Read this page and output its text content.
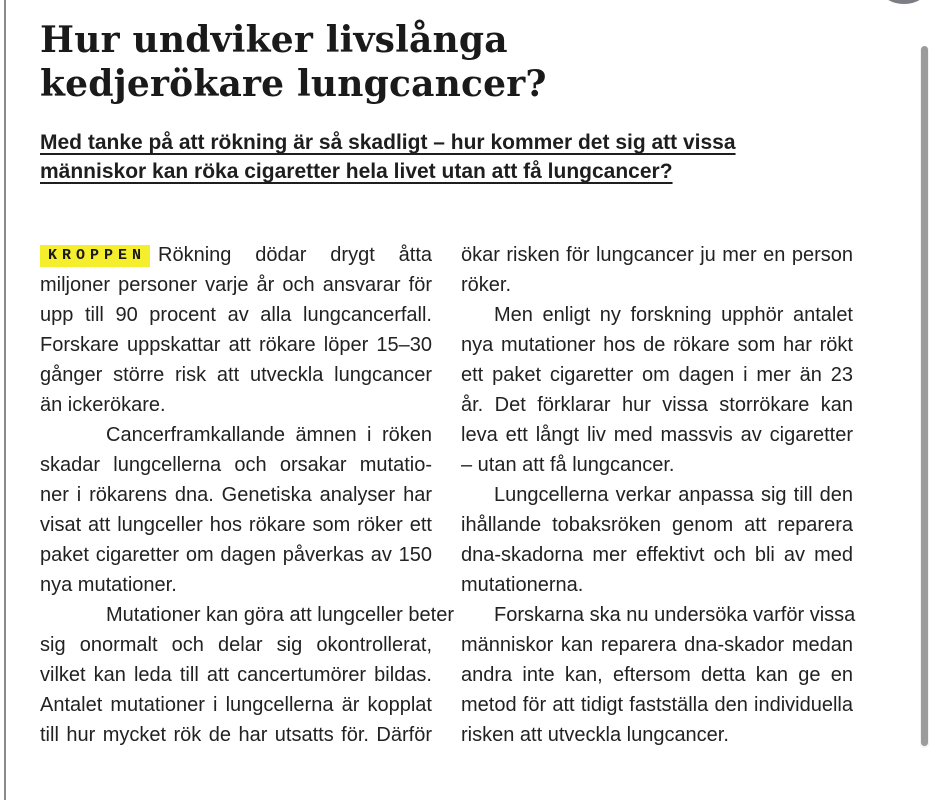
Hur undviker livslånga
kedjerökare lungcancer?

Med tanke på att rökning är så skadligt – hur kommer det sig att vissa
människor kan röka cigaretter hela livet utan att få lungcancer?

KROPPEN Rökning dödar drygt åtta
miljoner personer varje år och ansvarar för
upp till 90 procent av alla lungcancerfall.
Forskare uppskattar att rökare löper 15–30
gånger större risk att utveckla lungcancer
än ickerökare.

Cancerframkallande ämnen i röken
skadar lungcellerna och orsakar mutatio-
ner i rökarens dna. Genetiska analyser har
visat att lungceller hos rökare som röker ett
paket cigaretter om dagen påverkas av 150
nya mutationer.

Mutationer kan göra att lungceller beter
sig onormalt och delar sig okontrollerat,
vilket kan leda till att cancertumörer bildas.
Antalet mutationer i lungcellerna är kopplat
till hur mycket rök de har utsatts för. Därför

ökar risken för lungcancer ju mer en person
röker.

Men enligt ny forskning upphör antalet
nya mutationer hos de rökare som har rökt
ett paket cigaretter om dagen i mer än 23
år. Det förklarar hur vissa storrökare kan
leva ett långt liv med massvis av cigaretter
– utan att få lungcancer.

Lungcellerna verkar anpassa sig till den
ihållande tobaksröken genom att reparera
dna-skadorna mer effektivt och bli av med
mutationerna.

Forskarna ska nu undersöka varför vissa
människor kan reparera dna-skador medan
andra inte kan, eftersom detta kan ge en
metod för att tidigt fastställa den individuella
risken att utveckla lungcancer.
